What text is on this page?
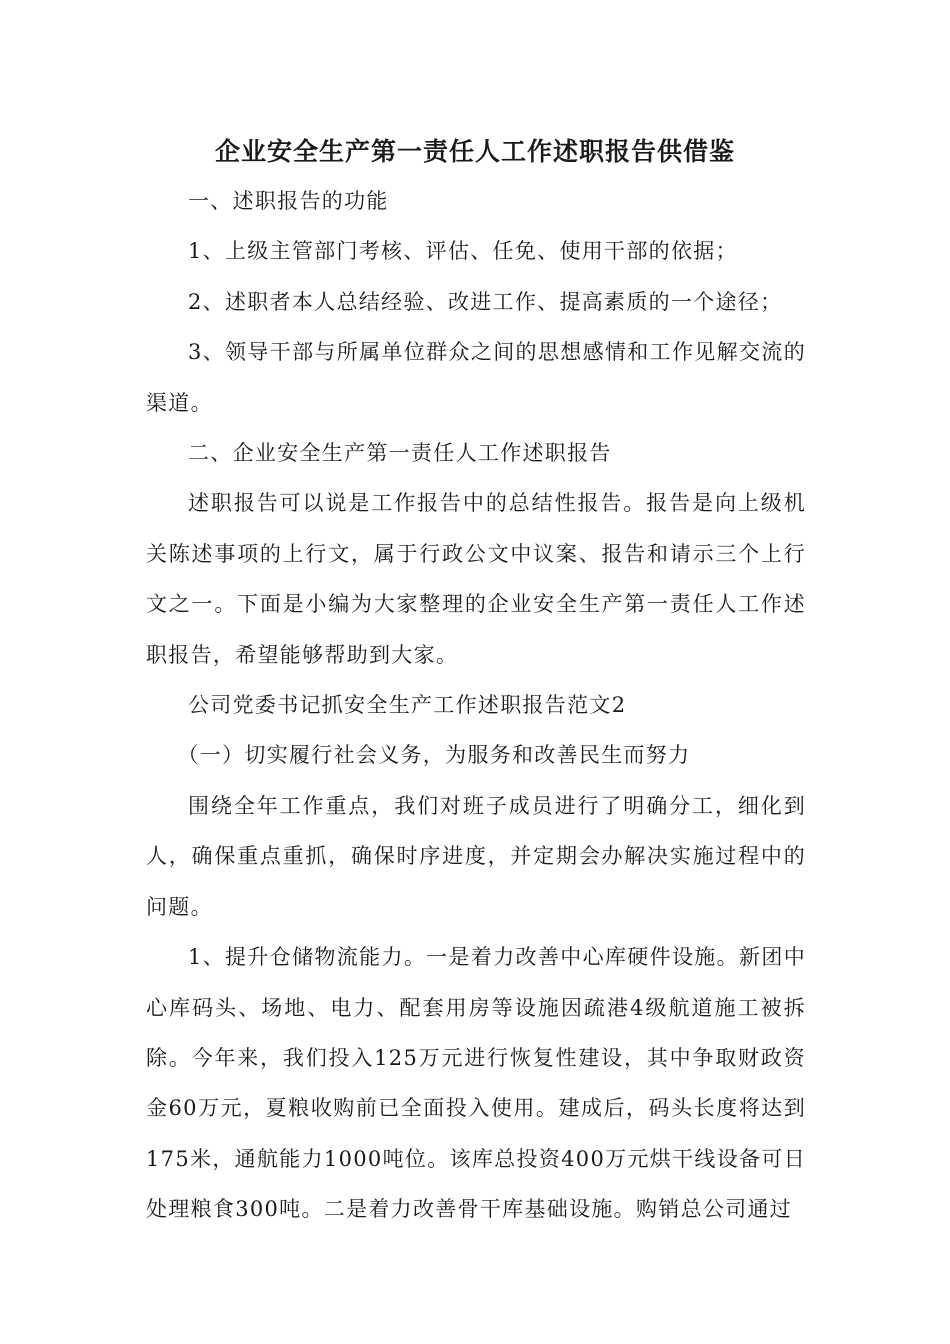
企业安全生产第一责任人工作述职报告供借鉴

一、述职报告的功能

1、上级主管部门考核、评估、任免、使用干部的依据；

2、述职者本人总结经验、改进工作、提高素质的一个途径；

3、领导干部与所属单位群众之间的思想感情和工作见解交流的渠道。

二、企业安全生产第一责任人工作述职报告

述职报告可以说是工作报告中的总结性报告。报告是向上级机关陈述事项的上行文，属于行政公文中议案、报告和请示三个上行文之一。下面是小编为大家整理的企业安全生产第一责任人工作述职报告，希望能够帮助到大家。

公司党委书记抓安全生产工作述职报告范文2

（一）切实履行社会义务，为服务和改善民生而努力

围绕全年工作重点，我们对班子成员进行了明确分工，细化到人，确保重点重抓，确保时序进度，并定期会办解决实施过程中的问题。

1、提升仓储物流能力。一是着力改善中心库硬件设施。新团中心库码头、场地、电力、配套用房等设施因疏港4级航道施工被拆除。今年来，我们投入125万元进行恢复性建设，其中争取财政资金60万元，夏粮收购前已全面投入使用。建成后，码头长度将达到175米，通航能力1000吨位。该库总投资400万元烘干线设备可日处理粮食300吨。二是着力改善骨干库基础设施。购销总公司通过
